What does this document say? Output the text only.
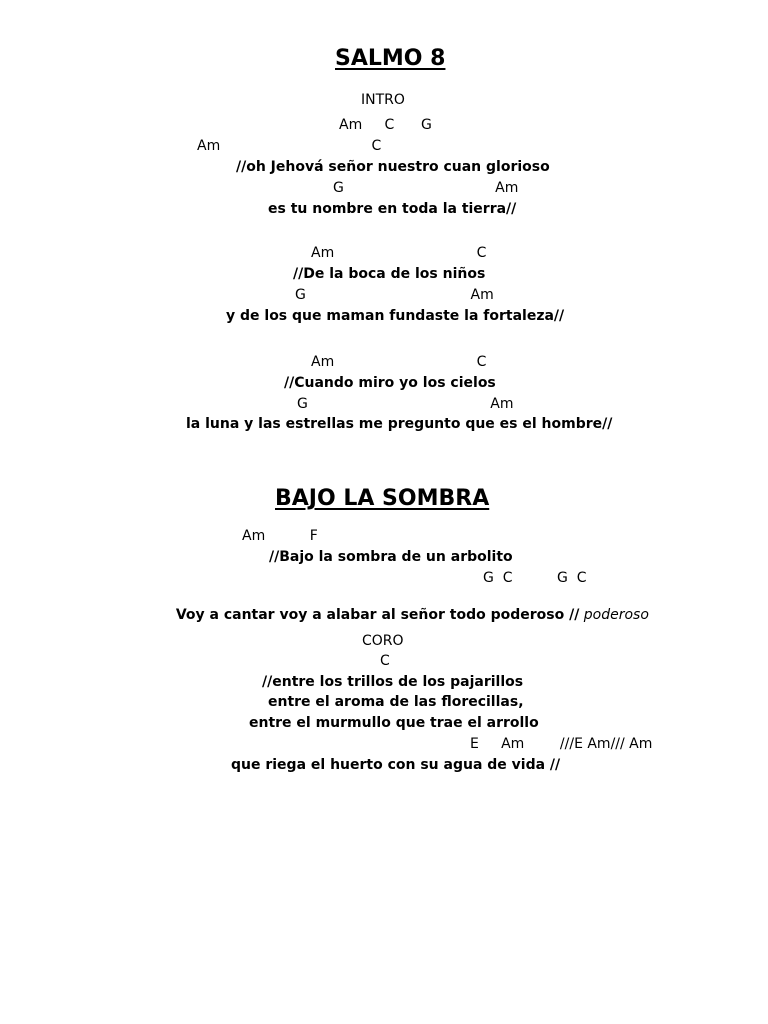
SALMO 8
INTRO
Am     C      G
Am                                  C
//oh Jehová señor nuestro cuan glorioso
G                                  Am
es tu nombre en toda la tierra//
Am                                C
//De la boca de los niños
G                                     Am
y de los que maman fundaste la fortaleza//
Am                                C
//Cuando miro yo los cielos
G                                         Am
la luna y las estrellas me pregunto que es el hombre//
BAJO LA SOMBRA
Am          F
//Bajo la sombra de un arbolito
G  C          G  C

Voy a cantar voy a alabar al señor todo poderoso // poderoso

CORO
C
//entre los trillos de los pajarillos
entre el aroma de las florecillas,
entre el murmullo que trae el arrollo
E     Am        ///E Am/// Am
que riega el huerto con su agua de vida //
